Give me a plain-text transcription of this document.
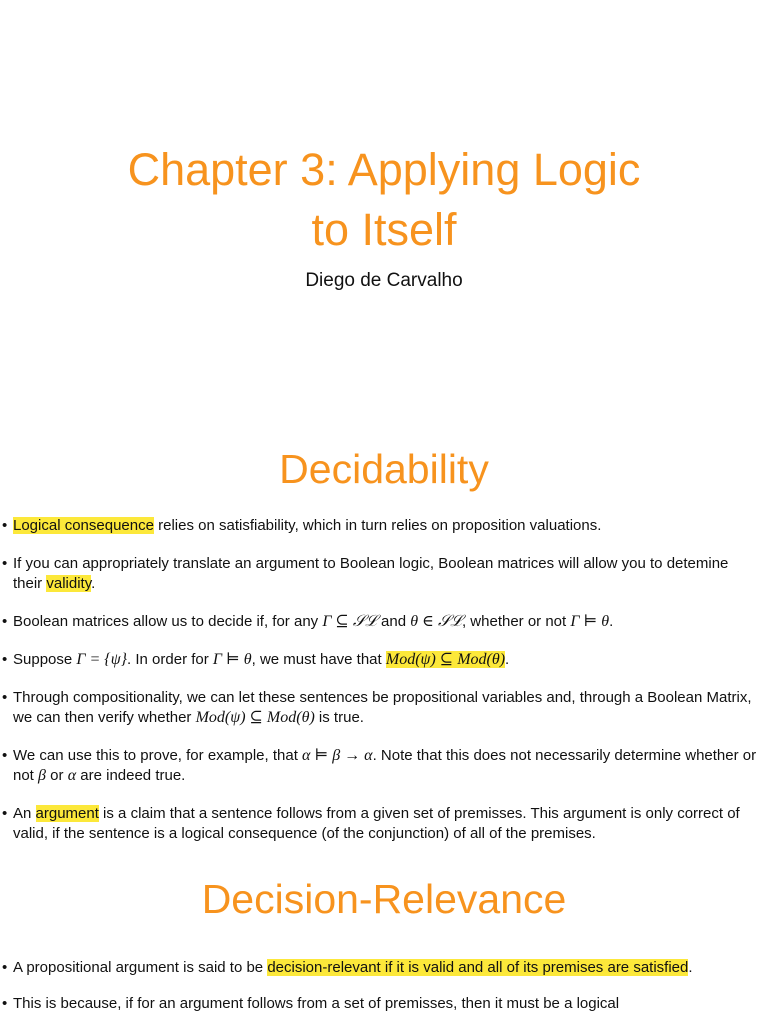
Chapter 3: Applying Logic
to Itself
Diego de Carvalho
Decidability
• Logical consequence relies on satisfiability, which in turn relies on proposition valuations.
• If you can appropriately translate an argument to Boolean logic, Boolean matrices will allow you to detemine their validity.
• Boolean matrices allow us to decide if, for any Γ ⊆ 𝒮ℒ and θ ∈ 𝒮ℒ, whether or not Γ ⊨ θ.
• Suppose Γ = {ψ}. In order for Γ ⊨ θ, we must have that Mod(ψ) ⊆ Mod(θ).
• Through compositionality, we can let these sentences be propositional variables and, through a Boolean Matrix, we can then verify whether Mod(ψ) ⊆ Mod(θ) is true.
• We can use this to prove, for example, that α ⊨ β → α. Note that this does not necessarily determine whether or not β or α are indeed true.
• An argument is a claim that a sentence follows from a given set of premisses. This argument is only correct of valid, if the sentence is a logical consequence (of the conjunction) of all of the premises.
Decision-Relevance
• A propositional argument is said to be decision-relevant if it is valid and all of its premises are satisfied.
• This is because, if for an argument follows from a set of premisses, then it must be a logical
